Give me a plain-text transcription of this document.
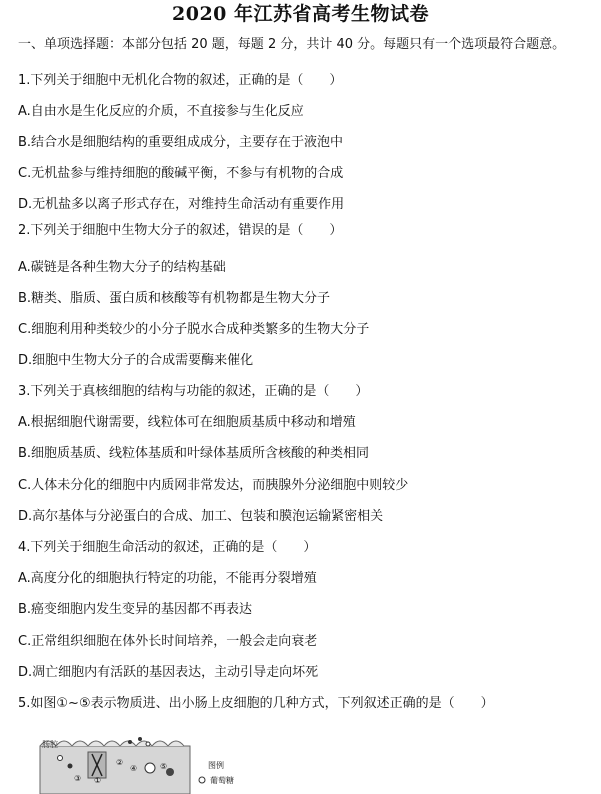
2020 年江苏省高考生物试卷
一、单项选择题：本部分包括 20 题，每题 2 分，共计 40 分。每题只有一个选项最符合题意。
1.下列关于细胞中无机化合物的叙述，正确的是（　　）
A.自由水是生化反应的介质，不直接参与生化反应
B.结合水是细胞结构的重要组成成分，主要存在于液泡中
C.无机盐参与维持细胞的酸碱平衡，不参与有机物的合成
D.无机盐多以离子形式存在，对维持生命活动有重要作用
2.下列关于细胞中生物大分子的叙述，错误的是（　　）
A.碳链是各种生物大分子的结构基础
B.糖类、脂质、蛋白质和核酸等有机物都是生物大分子
C.细胞利用种类较少的小分子脱水合成种类繁多的生物大分子
D.细胞中生物大分子的合成需要酶来催化
3.下列关于真核细胞的结构与功能的叙述，正确的是（　　）
A.根据细胞代谢需要，线粒体可在细胞质基质中移动和增殖
B.细胞质基质、线粒体基质和叶绿体基质所含核酸的种类相同
C.人体未分化的细胞中内质网非常发达，而胰腺外分泌细胞中则较少
D.高尔基体与分泌蛋白的合成、加工、包装和膜泡运输紧密相关
4.下列关于细胞生命活动的叙述，正确的是（　　）
A.高度分化的细胞执行特定的功能，不能再分裂增殖
B.癌变细胞内发生变异的基因都不再表达
C.正常组织细胞在体外长时间培养，一般会走向衰老
D.凋亡细胞内有活跃的基因表达，主动引导走向坏死
5.如图①~⑤表示物质进、出小肠上皮细胞的几种方式，下列叙述正确的是（　　）
肠腔
①
②
③
④	⑤	图例
葡萄糖
